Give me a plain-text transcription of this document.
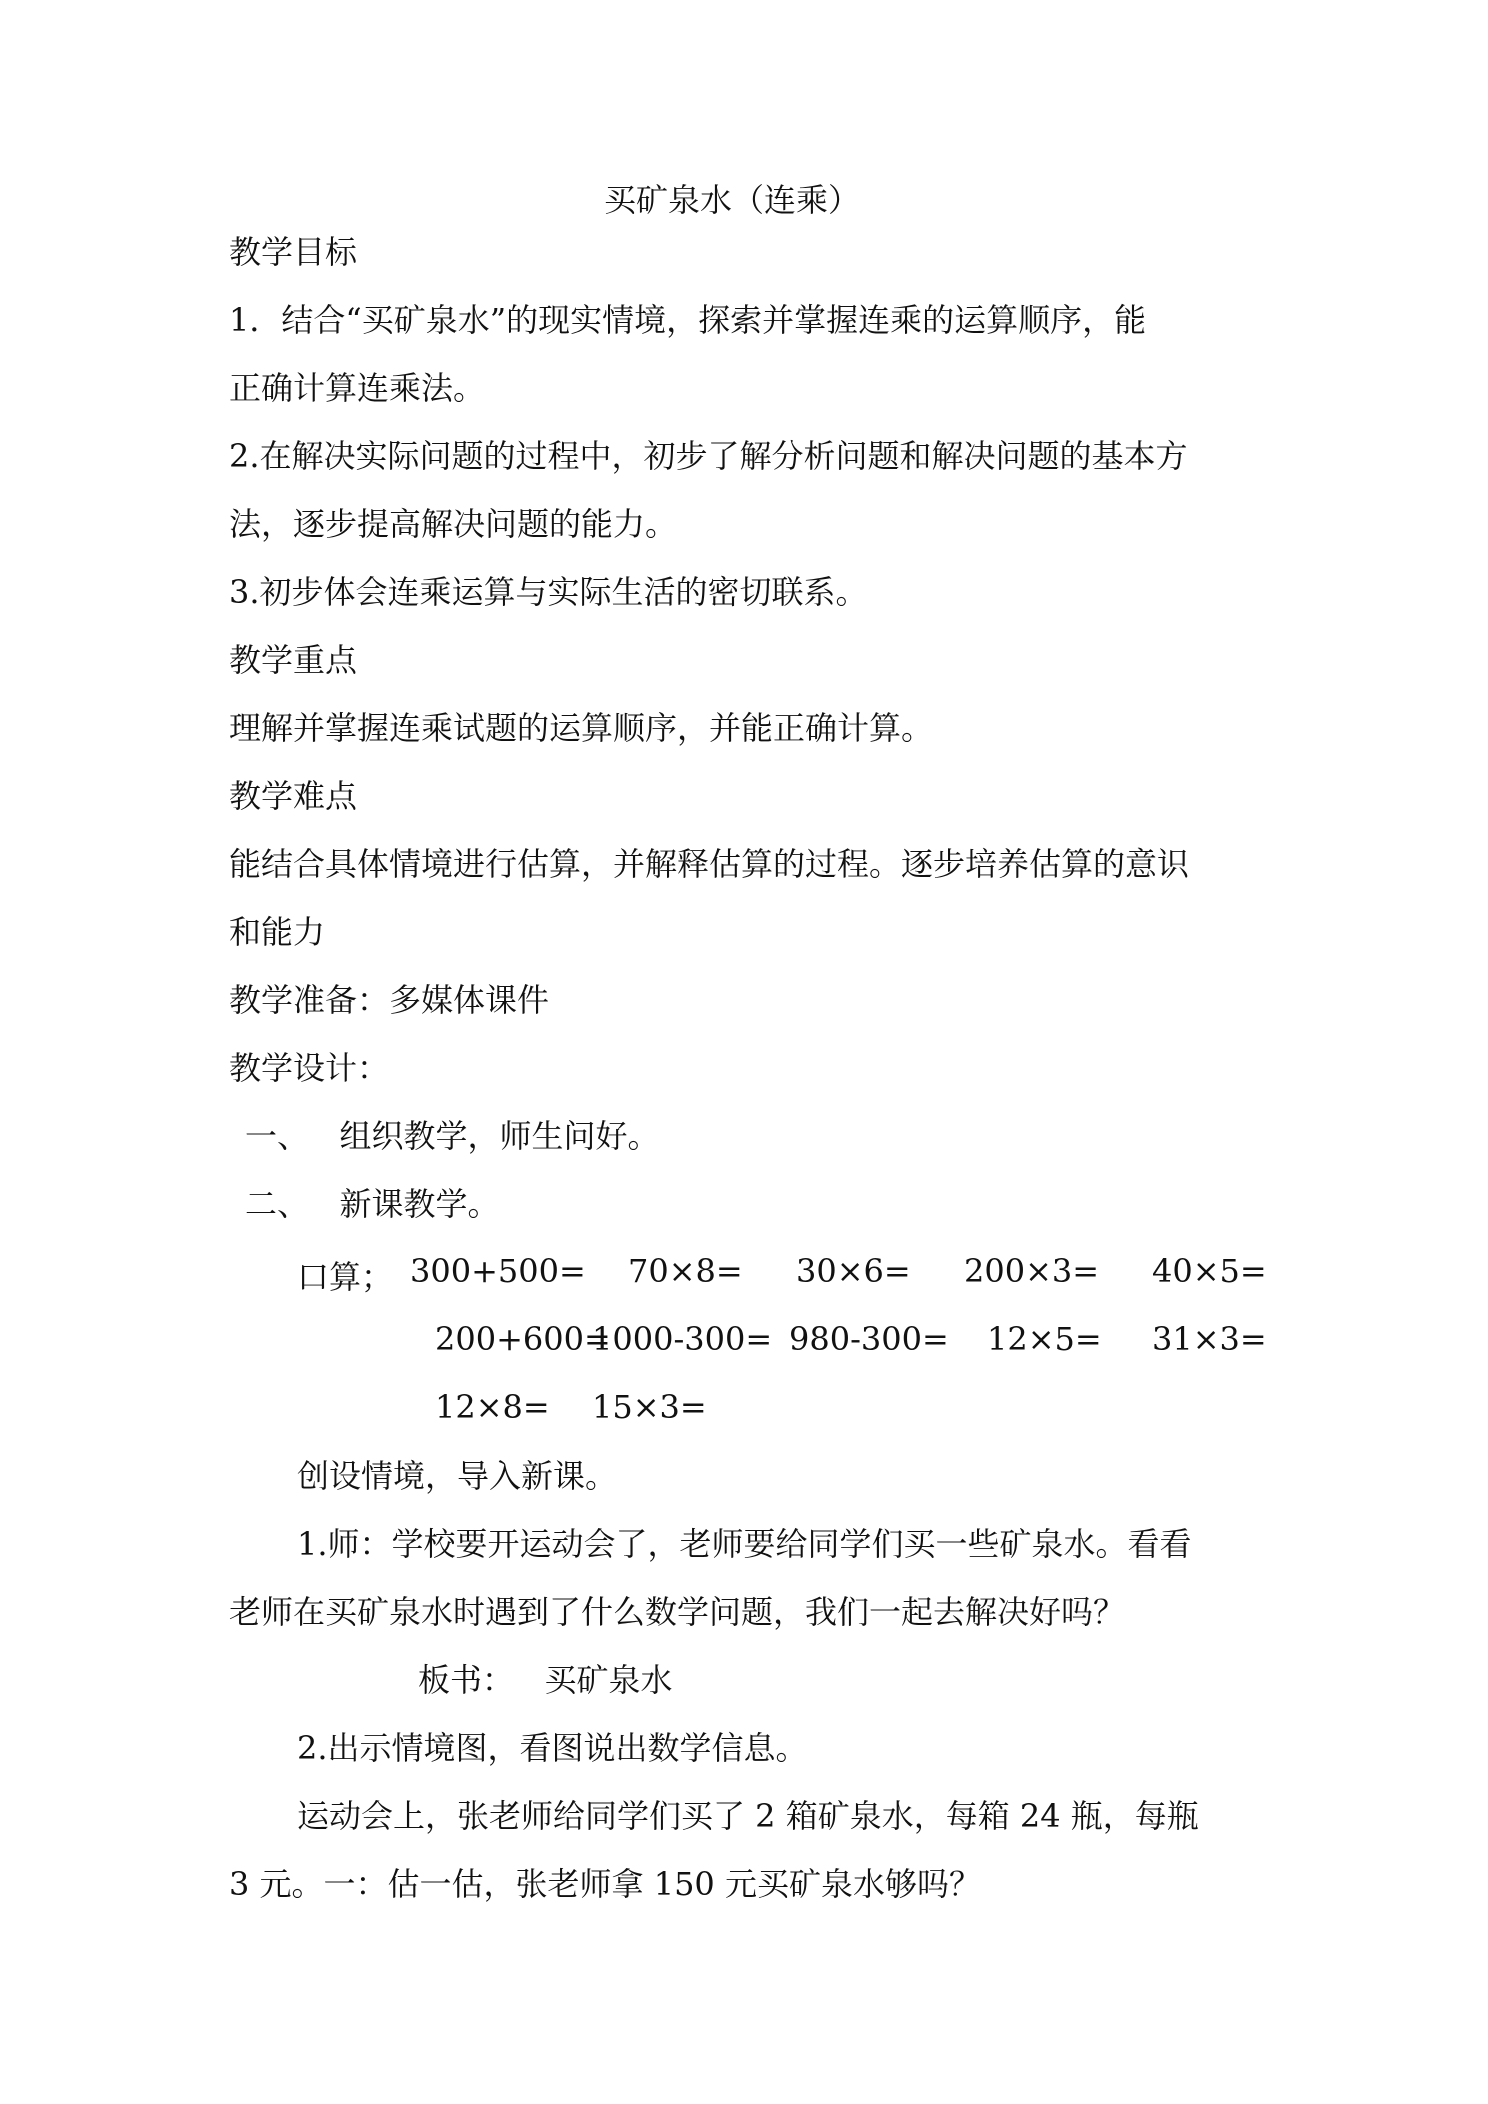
买矿泉水（连乘）
教学目标
1．结合“买矿泉水”的现实情境，探索并掌握连乘的运算顺序，能
正确计算连乘法。
2.在解决实际问题的过程中，初步了解分析问题和解决问题的基本方
法，逐步提高解决问题的能力。
3.初步体会连乘运算与实际生活的密切联系。
教学重点
理解并掌握连乘试题的运算顺序，并能正确计算。
教学难点
能结合具体情境进行估算，并解释估算的过程。逐步培养估算的意识
和能力
教学准备：多媒体课件
教学设计：
一、   组织教学，师生问好。
二、   新课教学。
口算； 300+500= 70×8= 30×6= 200×3= 40×5=
200+600=
1000-300= 980-300= 12×5= 31×3=
12×8= 15×3=
创设情境，导入新课。
1.师：学校要开运动会了，老师要给同学们买一些矿泉水。看看
老师在买矿泉水时遇到了什么数学问题，我们一起去解决好吗？
板书：   买矿泉水
2.出示情境图，看图说出数学信息。
运动会上，张老师给同学们买了 2 箱矿泉水，每箱 24 瓶，每瓶
3 元。一：估一估，张老师拿 150 元买矿泉水够吗？
